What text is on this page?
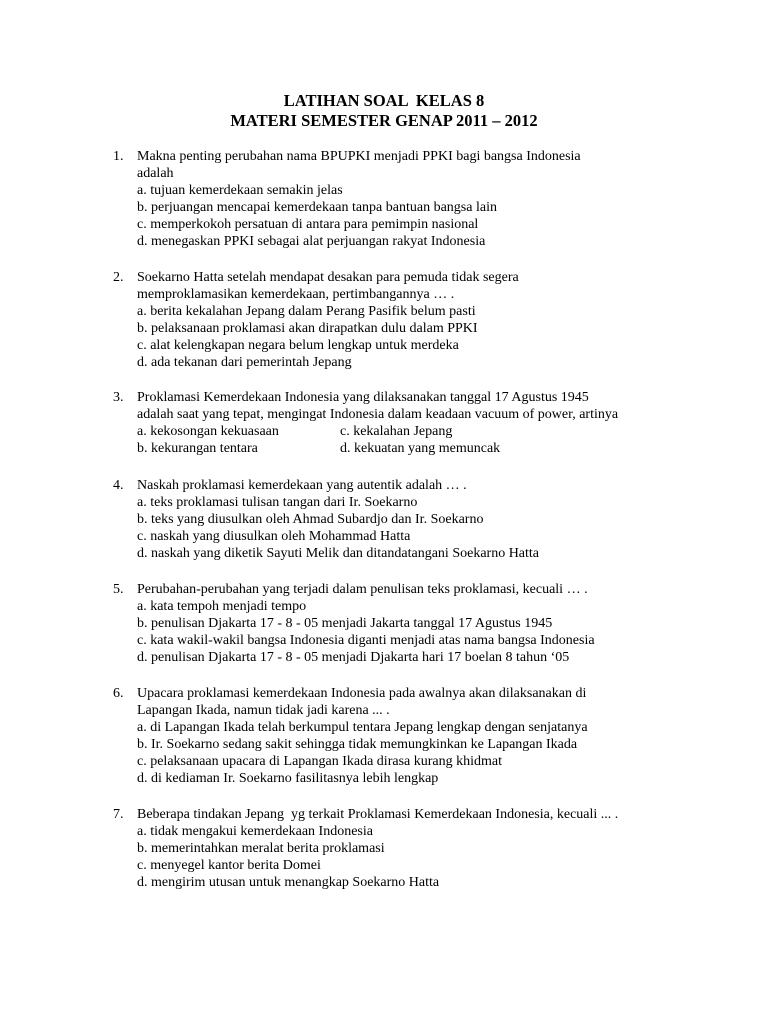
LATIHAN SOAL  KELAS 8
MATERI SEMESTER GENAP 2011 – 2012
1. Makna penting perubahan nama BPUPKI menjadi PPKI bagi bangsa Indonesia
adalah
a. tujuan kemerdekaan semakin jelas
b. perjuangan mencapai kemerdekaan tanpa bantuan bangsa lain
c. memperkokoh persatuan di antara para pemimpin nasional
d. menegaskan PPKI sebagai alat perjuangan rakyat Indonesia
2. Soekarno Hatta setelah mendapat desakan para pemuda tidak segera
memproklamasikan kemerdekaan, pertimbangannya … .
a. berita kekalahan Jepang dalam Perang Pasifik belum pasti
b. pelaksanaan proklamasi akan dirapatkan dulu dalam PPKI
c. alat kelengkapan negara belum lengkap untuk merdeka
d. ada tekanan dari pemerintah Jepang
3. Proklamasi Kemerdekaan Indonesia yang dilaksanakan tanggal 17 Agustus 1945
adalah saat yang tepat, mengingat Indonesia dalam keadaan vacuum of power, artinya
a. kekosongan kekuasaan	c. kekalahan Jepang
b. kekurangan tentara	d. kekuatan yang memuncak
4. Naskah proklamasi kemerdekaan yang autentik adalah … .
a. teks proklamasi tulisan tangan dari Ir. Soekarno
b. teks yang diusulkan oleh Ahmad Subardjo dan Ir. Soekarno
c. naskah yang diusulkan oleh Mohammad Hatta
d. naskah yang diketik Sayuti Melik dan ditandatangani Soekarno Hatta
5. Perubahan-perubahan yang terjadi dalam penulisan teks proklamasi, kecuali … .
a. kata tempoh menjadi tempo
b. penulisan Djakarta 17 - 8 - 05 menjadi Jakarta tanggal 17 Agustus 1945
c. kata wakil-wakil bangsa Indonesia diganti menjadi atas nama bangsa Indonesia
d. penulisan Djakarta 17 - 8 - 05 menjadi Djakarta hari 17 boelan 8 tahun ‘05
6. Upacara proklamasi kemerdekaan Indonesia pada awalnya akan dilaksanakan di
Lapangan Ikada, namun tidak jadi karena ... .
a. di Lapangan Ikada telah berkumpul tentara Jepang lengkap dengan senjatanya
b. Ir. Soekarno sedang sakit sehingga tidak memungkinkan ke Lapangan Ikada
c. pelaksanaan upacara di Lapangan Ikada dirasa kurang khidmat
d. di kediaman Ir. Soekarno fasilitasnya lebih lengkap
7. Beberapa tindakan Jepang  yg terkait Proklamasi Kemerdekaan Indonesia, kecuali ... .
a. tidak mengakui kemerdekaan Indonesia
b. memerintahkan meralat berita proklamasi
c. menyegel kantor berita Domei
d. mengirim utusan untuk menangkap Soekarno Hatta
